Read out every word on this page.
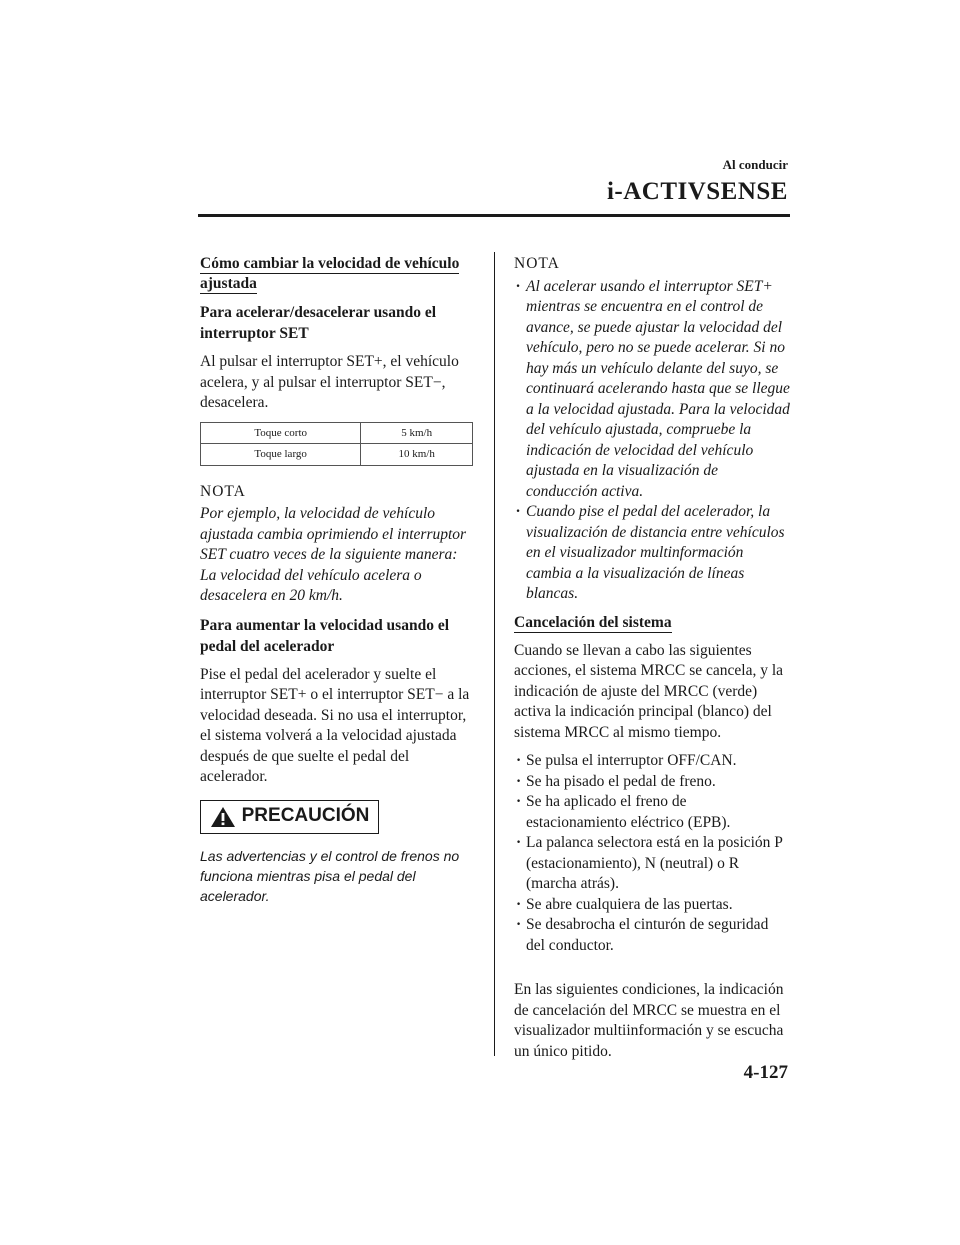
Al conducir
i-ACTIVSENSE
Cómo cambiar la velocidad de vehículo ajustada
Para acelerar/desacelerar usando el interruptor SET

Al pulsar el interruptor SET+, el vehículo acelera, y al pulsar el interruptor SET−, desacelera.

Toque corto	5 km/h
Toque largo	10 km/h
NOTA
Por ejemplo, la velocidad de vehículo ajustada cambia oprimiendo el interruptor SET cuatro veces de la siguiente manera: La velocidad del vehículo acelera o desacelera en 20 km/h.
Para aumentar la velocidad usando el pedal del acelerador

Pise el pedal del acelerador y suelte el interruptor SET+ o el interruptor SET− a la velocidad deseada. Si no usa el interruptor, el sistema volverá a la velocidad ajustada después de que suelte el pedal del acelerador.

PRECAUCIÓN

Las advertencias y el control de frenos no funciona mientras pisa el pedal del acelerador.

NOTA
· Al acelerar usando el interruptor SET+ mientras se encuentra en el control de avance, se puede ajustar la velocidad del vehículo, pero no se puede acelerar. Si no hay más un vehículo delante del suyo, se continuará acelerando hasta que se llegue a la velocidad ajustada. Para la velocidad del vehículo ajustada, compruebe la indicación de velocidad del vehículo ajustada en la visualización de conducción activa.
· Cuando pise el pedal del acelerador, la visualización de distancia entre vehículos en el visualizador multinformación cambia a la visualización de líneas blancas.
Cancelación del sistema

Cuando se llevan a cabo las siguientes acciones, el sistema MRCC se cancela, y la indicación de ajuste del MRCC (verde) activa la indicación principal (blanco) del sistema MRCC al mismo tiempo.

· Se pulsa el interruptor OFF/CAN.
· Se ha pisado el pedal de freno.
· Se ha aplicado el freno de estacionamiento eléctrico (EPB).
· La palanca selectora está en la posición P (estacionamiento), N (neutral) o R (marcha atrás).
· Se abre cualquiera de las puertas.
· Se desabrocha el cinturón de seguridad del conductor.

En las siguientes condiciones, la indicación de cancelación del MRCC se muestra en el visualizador multiinformación y se escucha un único pitido.

4-127
